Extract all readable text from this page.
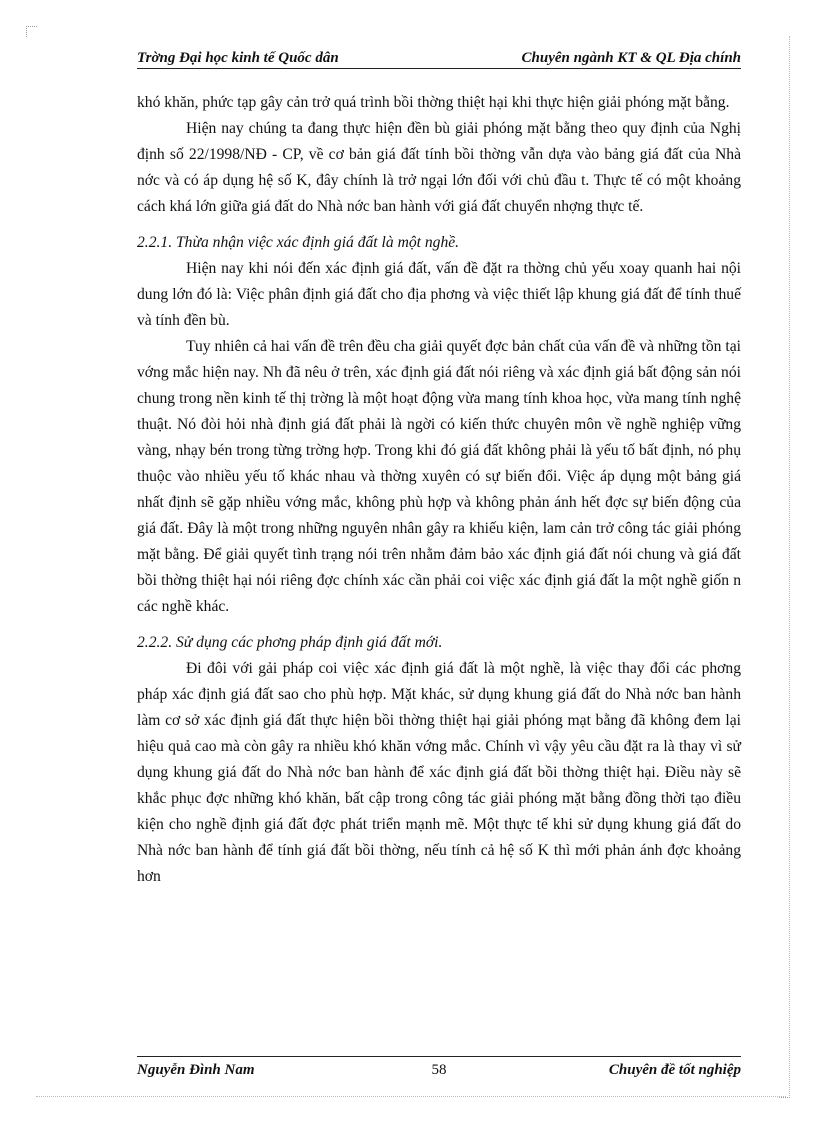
Trờng Đại học kinh tế Quốc dân	Chuyên ngành KT & QL Địa chính

khó khăn, phức tạp gây cản trở quá trình bồi thờng thiệt hại khi thực hiện giải phóng mặt bằng.

Hiện nay chúng ta đang thực hiện đền bù giải phóng mặt bằng theo quy định của Nghị định số 22/1998/NĐ - CP, về cơ bản giá đất tính bồi thờng vẫn dựa vào bảng giá đất của Nhà nớc và có áp dụng hệ số K, đây chính là trở ngại lớn đối với chủ đầu t. Thực tế có một khoảng cách khá lớn giữa giá đất do Nhà nớc ban hành với giá đất chuyển nhợng thực tế.

2.2.1. Thừa nhận việc xác định giá đất là một nghề.

Hiện nay khi nói đến xác định giá đất, vấn đề đặt ra thờng chủ yếu xoay quanh hai nội dung lớn đó là: Việc phân định giá đất cho địa phơng và việc thiết lập khung giá đất để tính thuế và tính đền bù.

Tuy nhiên cả hai vấn đề trên đều cha giải quyết đợc bản chất của vấn đề và những tồn tại vớng mắc hiện nay. Nh đã nêu ở trên, xác định giá đất nói riêng và xác định giá bất động sản nói chung trong nền kinh tế thị trờng là một hoạt động vừa mang tính khoa học, vừa mang tính nghệ thuật. Nó đòi hỏi nhà định giá đất phải là ngời có kiến thức chuyên môn về nghề nghiệp vững vàng, nhạy bén trong từng trờng hợp. Trong khi đó giá đất không phải là yếu tố bất định, nó phụ thuộc vào nhiều yếu tố khác nhau và thờng xuyên có sự biến đổi. Việc áp dụng một bảng giá nhất định sẽ gặp nhiều vớng mắc, không phù hợp và không phản ánh hết đợc sự biến động của giá đất. Đây là một trong những nguyên nhân gây ra khiếu kiện, lam cản trở công tác giải phóng mặt bằng. Để giải quyết tình trạng nói trên nhằm đảm bảo xác định giá đất nói chung và giá đất bồi thờng thiệt hại nói riêng đợc chính xác cần phải coi việc xác định giá đất la một nghề giốn n các nghề khác.

2.2.2. Sử dụng các phơng pháp định giá đất mới.

Đi đôi với gải pháp coi việc xác định giá đất là một nghề, là việc thay đổi các phơng pháp xác định giá đất sao cho phù hợp. Mặt khác, sử dụng khung giá đất do Nhà nớc ban hành làm cơ sở xác định giá đất thực hiện bồi thờng thiệt hại giải phóng mạt bằng đã không đem lại hiệu quả cao mà còn gây ra nhiều khó khăn vớng mắc. Chính vì vậy yêu cầu đặt ra là thay vì sử dụng khung giá đất do Nhà nớc ban hành để xác định giá đất bồi thờng thiệt hại. Điều này sẽ khắc phục đợc những khó khăn, bất cập trong công tác giải phóng mặt bằng đồng thời tạo điều kiện cho nghề định giá đất đợc phát triển mạnh mẽ. Một thực tế khi sử dụng khung giá đất do Nhà nớc ban hành để tính giá đất bồi thờng, nếu tính cả hệ số K thì mới phản ánh đợc khoảng hơn

Nguyễn Đình Nam	58	Chuyên đề tốt nghiệp
